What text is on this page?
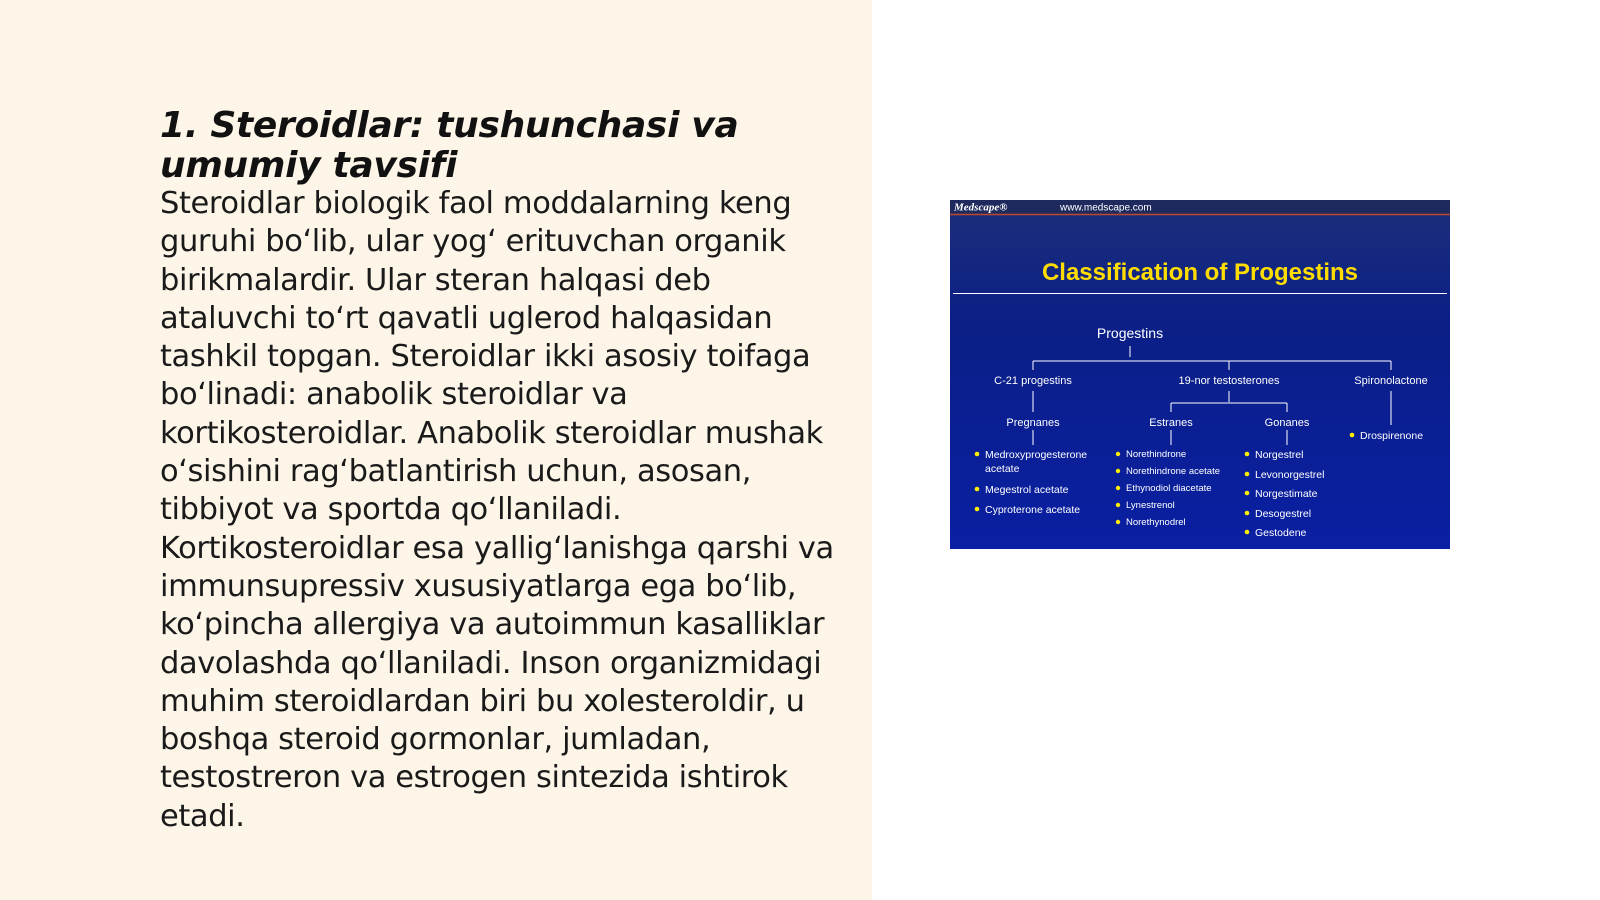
1. Steroidlar: tushunchasi va umumiy tavsifi

Steroidlar biologik faol moddalarning keng guruhi bo‘lib, ular yog‘ erituvchan organik birikmalardir. Ular steran halqasi deb ataluvchi to‘rt qavatli uglerod halqasidan tashkil topgan. Steroidlar ikki asosiy toifaga bo‘linadi: anabolik steroidlar va kortikosteroidlar. Anabolik steroidlar mushak o‘sishini rag‘batlantirish uchun, asosan, tibbiyot va sportda qo‘llaniladi. Kortikosteroidlar esa yallig‘lanishga qarshi va immunsupressiv xususiyatlarga ega bo‘lib, ko‘pincha allergiya va autoimmun kasalliklar davolashda qo‘llaniladi. Inson organizmidagi muhim steroidlardan biri bu xolesteroldir, u boshqa steroid gormonlar, jumladan, testostreron va estrogen sintezida ishtirok etadi.

Medscape®	www.medscape.com
Classification of Progestins
Progestins
C-21 progestins	19-nor testosterones	Spironolactone
Pregnanes	Estranes	Gonanes
Medroxyprogesterone
acetate
Megestrol acetate
Cyproterone acetate
Norethindrone
Norethindrone acetate
Ethynodiol diacetate
Lynestrenol
Norethynodrel
Norgestrel
Levonorgestrel
Norgestimate
Desogestrel
Gestodene
Drospirenone
